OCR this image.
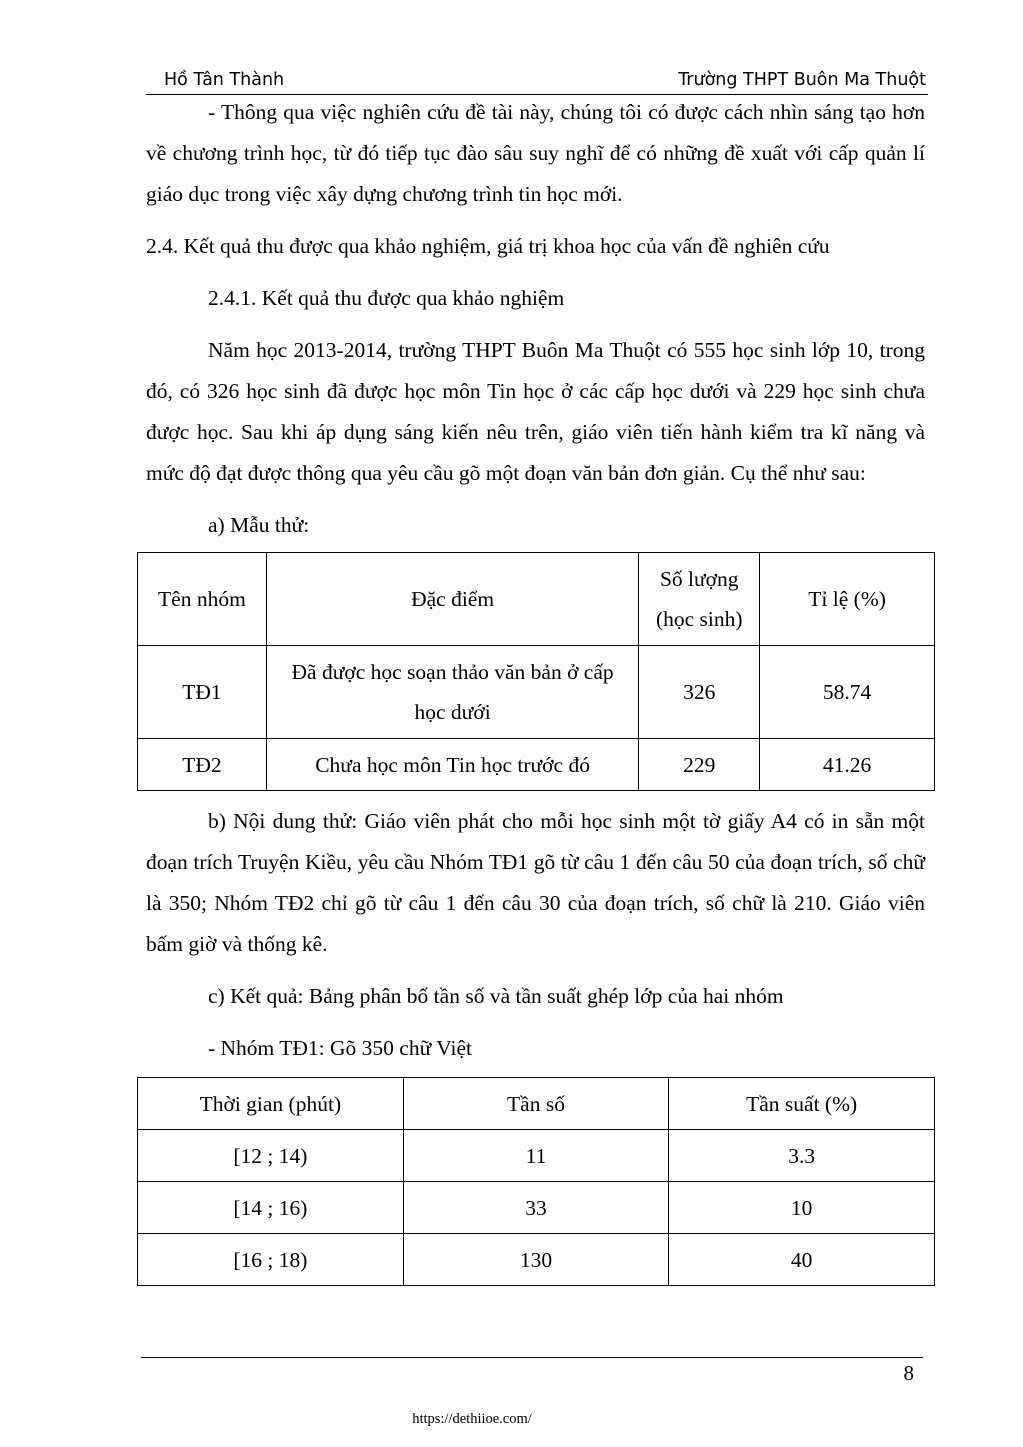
Hồ Tân Thành	Trường THPT Buôn Ma Thuột

- Thông qua việc nghiên cứu đề tài này, chúng tôi có được cách nhìn sáng tạo hơn về chương trình học, từ đó tiếp tục đào sâu suy nghĩ để có những đề xuất với cấp quản lí giáo dục trong việc xây dựng chương trình tin học mới.

2.4. Kết quả thu được qua khảo nghiệm, giá trị khoa học của vấn đề nghiên cứu

2.4.1. Kết quả thu được qua khảo nghiệm

Năm học 2013-2014, trường THPT Buôn Ma Thuột có 555 học sinh lớp 10, trong đó, có 326 học sinh đã được học môn Tin học ở các cấp học dưới và 229 học sinh chưa được học. Sau khi áp dụng sáng kiến nêu trên, giáo viên tiến hành kiểm tra kĩ năng và mức độ đạt được thông qua yêu cầu gõ một đoạn văn bản đơn giản. Cụ thể như sau:

a) Mẫu thử:

Tên nhóm	Đặc điểm	Số lượng (học sinh)	Tỉ lệ (%)
TĐ1	Đã được học soạn thảo văn bản ở cấp học dưới	326	58.74
TĐ2	Chưa học môn Tin học trước đó	229	41.26

b) Nội dung thử: Giáo viên phát cho mỗi học sinh một tờ giấy A4 có in sẵn một đoạn trích Truyện Kiều, yêu cầu Nhóm TĐ1 gõ từ câu 1 đến câu 50 của đoạn trích, số chữ là 350; Nhóm TĐ2 chỉ gõ từ câu 1 đến câu 30 của đoạn trích, số chữ là 210. Giáo viên bấm giờ và thống kê.

c) Kết quả: Bảng phân bố tần số và tần suất ghép lớp của hai nhóm

- Nhóm TĐ1: Gõ 350 chữ Việt

Thời gian (phút)	Tần số	Tần suất (%)
[12 ; 14)	11	3.3
[14 ; 16)	33	10
[16 ; 18)	130	40
8
https://dethiioe.com/
